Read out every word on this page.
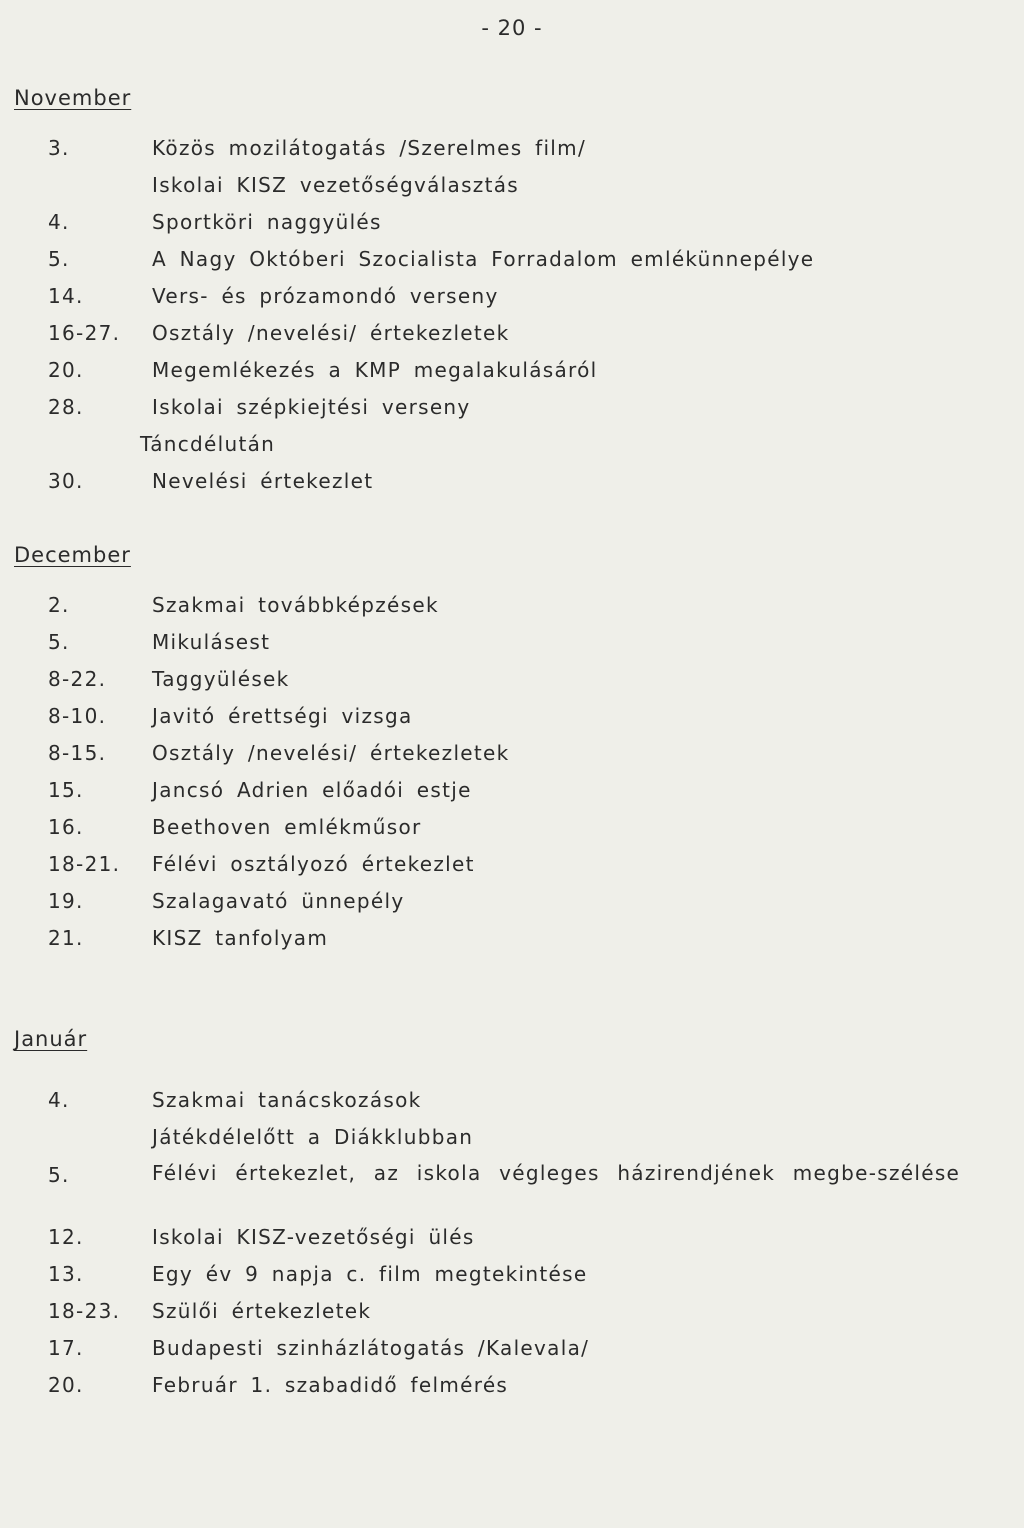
- 20 -
November
3.	Közös mozilátogatás /Szerelmes film/
Iskolai KISZ vezetőségválasztás
4.	Sportköri naggyülés
5.	A Nagy Októberi Szocialista Forradalom emlékünnepélye
14.	Vers- és prózamondó verseny
16-27. Osztály /nevelési/ értekezletek
20.	Megemlékezés a KMP megalakulásáról
28.	Iskolai szépkiejtési verseny
Táncdélután
30.	Nevelési értekezlet
December
2.	Szakmai továbbképzések
5.	Mikulásest
8-22. Taggyülések
8-10. Javitó érettségi vizsga
8-15. Osztály /nevelési/ értekezletek
15.	Jancsó Adrien előadói estje
16.	Beethoven emlékműsor
18-21. Félévi osztályozó értekezlet
19.	Szalagavató ünnepély
21.	KISZ tanfolyam
Január
4.	Szakmai tanácskozások
Játékdélelőtt a Diákklubban
5.	Félévi értekezlet, az iskola végleges házirendjének megbe-szélése
12.	Iskolai KISZ-vezetőségi ülés
13.	Egy év 9 napja c. film megtekintése
18-23. Szülői értekezletek
17.	Budapesti szinházlátogatás /Kalevala/
20.	Február 1. szabadidő felmérés
